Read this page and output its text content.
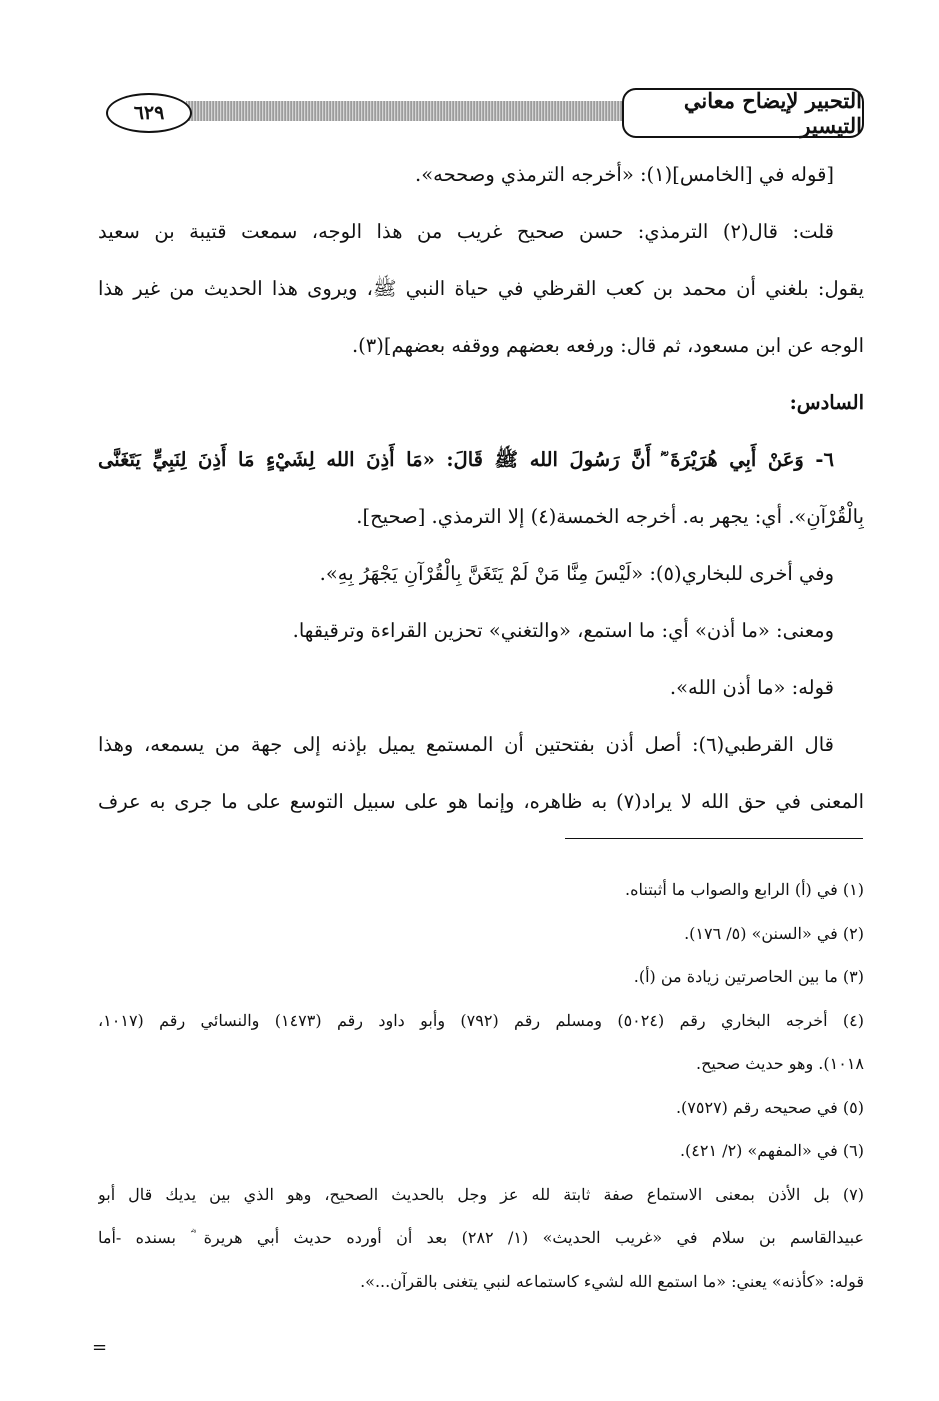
٦٢٩	التحبير لإيضاح معاني التيسير
[قوله في [الخامس](١): «أخرجه الترمذي وصححه».
قلت: قال(٢) الترمذي: حسن صحيح غريب من هذا الوجه، سمعت قتيبة بن سعيد
يقول: بلغني أن محمد بن كعب القرظي في حياة النبي ﷺ، ويروى هذا الحديث من غير هذا
الوجه عن ابن مسعود، ثم قال: ورفعه بعضهم ووقفه بعضهم](٣).
السادس:
٦- وَعَنْ أَبِي هُرَيْرَةَ ؓ أَنَّ رَسُولَ الله ﷺ قَالَ: «مَا أَذِنَ الله لِشَيْءٍ مَا أَذِنَ لِنَبِيٍّ يَتَغَنَّى
بِالْقُرْآنِ». أي: يجهر به. أخرجه الخمسة(٤) إلا الترمذي. [صحيح].
وفي أخرى للبخاري(٥): «لَيْسَ مِنَّا مَنْ لَمْ يَتَغَنَّ بِالْقُرْآنِ يَجْهَرُ بِهِ».
ومعنى: «ما أذن» أي: ما استمع، «والتغني» تحزين القراءة وترقيقها.
قوله: «ما أذن الله».
قال القرطبي(٦): أصل أذن بفتحتين أن المستمع يميل بإذنه إلى جهة من يسمعه، وهذا
المعنى في حق الله لا يراد(٧) به ظاهره، وإنما هو على سبيل التوسع على ما جرى به عرف
(١) في (أ) الرابع والصواب ما أثبتناه.
(٢) في «السنن» (٥/ ١٧٦).
(٣) ما بين الحاصرتين زيادة من (أ).
(٤) أخرجه البخاري رقم (٥٠٢٤) ومسلم رقم (٧٩٢) وأبو داود رقم (١٤٧٣) والنسائي رقم (١٠١٧،
١٠١٨). وهو حديث صحيح.
(٥) في صحيحه رقم (٧٥٢٧).
(٦) في «المفهم» (٢/ ٤٢١).
(٧) بل الأذن بمعنى الاستماع صفة ثابتة لله عز وجل بالحديث الصحيح، وهو الذي بين يديك قال أبو
عبيدالقاسم بن سلام في «غريب الحديث» (١/ ٢٨٢) بعد أن أورده حديث أبي هريرة ؓ بسنده -أما
قوله: «كأذنه» يعني: «ما استمع الله لشيء كاستماعه لنبي يتغنى بالقرآن...».
=
